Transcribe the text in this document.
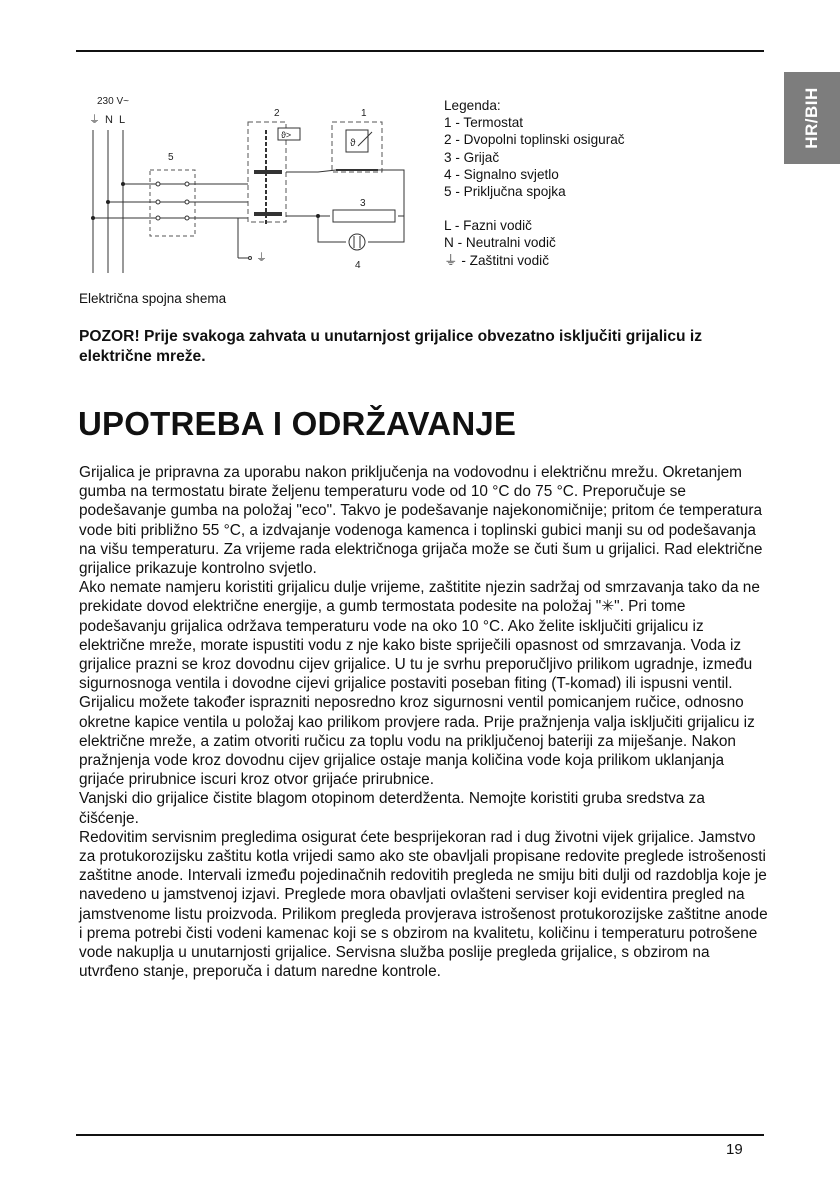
HR/BIH
230 V~
⏚ N L
5
⏚
2
ϑ>
1
ϑ
3
4
Legenda:
1 - Termostat
2 - Dvopolni toplinski osigurač
3 - Grijač
4 - Signalno svjetlo
5 - Priključna spojka
L - Fazni vodič
N - Neutralni vodič
⏚ - Zaštitni vodič
Električna spojna shema
POZOR! Prije svakoga zahvata u unutarnjost grijalice obvezatno isključiti grijalicu iz električne mreže.
UPOTREBA I ODRŽAVANJE

Grijalica je pripravna za uporabu nakon priključenja na vodovodnu i električnu mrežu. Okretanjem gumba na termostatu birate željenu temperaturu vode od 10 °C do 75 °C. Preporučuje se podešavanje gumba na položaj "eco". Takvo je podešavanje najekonomičnije; pritom će temperatura vode biti približno 55 °C, a izdvajanje vodenoga kamenca i toplinski gubici manji su od podešavanja na višu temperaturu. Za vrijeme rada električnoga grijača može se čuti šum u grijalici. Rad električne grijalice prikazuje kontrolno svjetlo.

Ako nemate namjeru koristiti grijalicu dulje vrijeme, zaštitite njezin sadržaj od smrzavanja tako da ne prekidate dovod električne energije, a gumb termostata podesite na položaj "✳". Pri tome podešavanju grijalica održava temperaturu vode na oko 10 °C. Ako želite isključiti grijalicu iz električne mreže, morate ispustiti vodu z nje kako biste spriječili opasnost od smrzavanja. Voda iz grijalice prazni se kroz dovodnu cijev grijalice. U tu je svrhu preporučljivo prilikom ugradnje, između sigurnosnoga ventila i dovodne cijevi grijalice postaviti poseban fiting (T-komad) ili ispusni ventil. Grijalicu možete također isprazniti neposredno kroz sigurnosni ventil pomicanjem ručice, odnosno okretne kapice ventila u položaj kao prilikom provjere rada. Prije pražnjenja valja isključiti grijalicu iz električne mreže, a zatim otvoriti ručicu za toplu vodu na priključenoj bateriji za miješanje. Nakon pražnjenja vode kroz dovodnu cijev grijalice ostaje manja količina vode koja prilikom uklanjanja grijaće prirubnice iscuri kroz otvor grijaće prirubnice.

Vanjski dio grijalice čistite blagom otopinom deterdženta. Nemojte koristiti gruba sredstva za čišćenje.

Redovitim servisnim pregledima osigurat ćete besprijekoran rad i dug životni vijek grijalice. Jamstvo za protukorozijsku zaštitu kotla vrijedi samo ako ste obavljali propisane redovite preglede istrošenosti zaštitne anode. Intervali između pojedinačnih redovitih pregleda ne smiju biti dulji od razdoblja koje je navedeno u jamstvenoj izjavi. Preglede mora obavljati ovlašteni serviser koji evidentira pregled na jamstvenome listu proizvoda. Prilikom pregleda provjerava istrošenost protukorozijske zaštitne anode i prema potrebi čisti vodeni kamenac koji se s obzirom na kvalitetu, količinu i temperaturu potrošene vode nakuplja u unutarnjosti grijalice. Servisna služba poslije pregleda grijalice, s obzirom na utvrđeno stanje, preporuča i datum naredne kontrole.

19
